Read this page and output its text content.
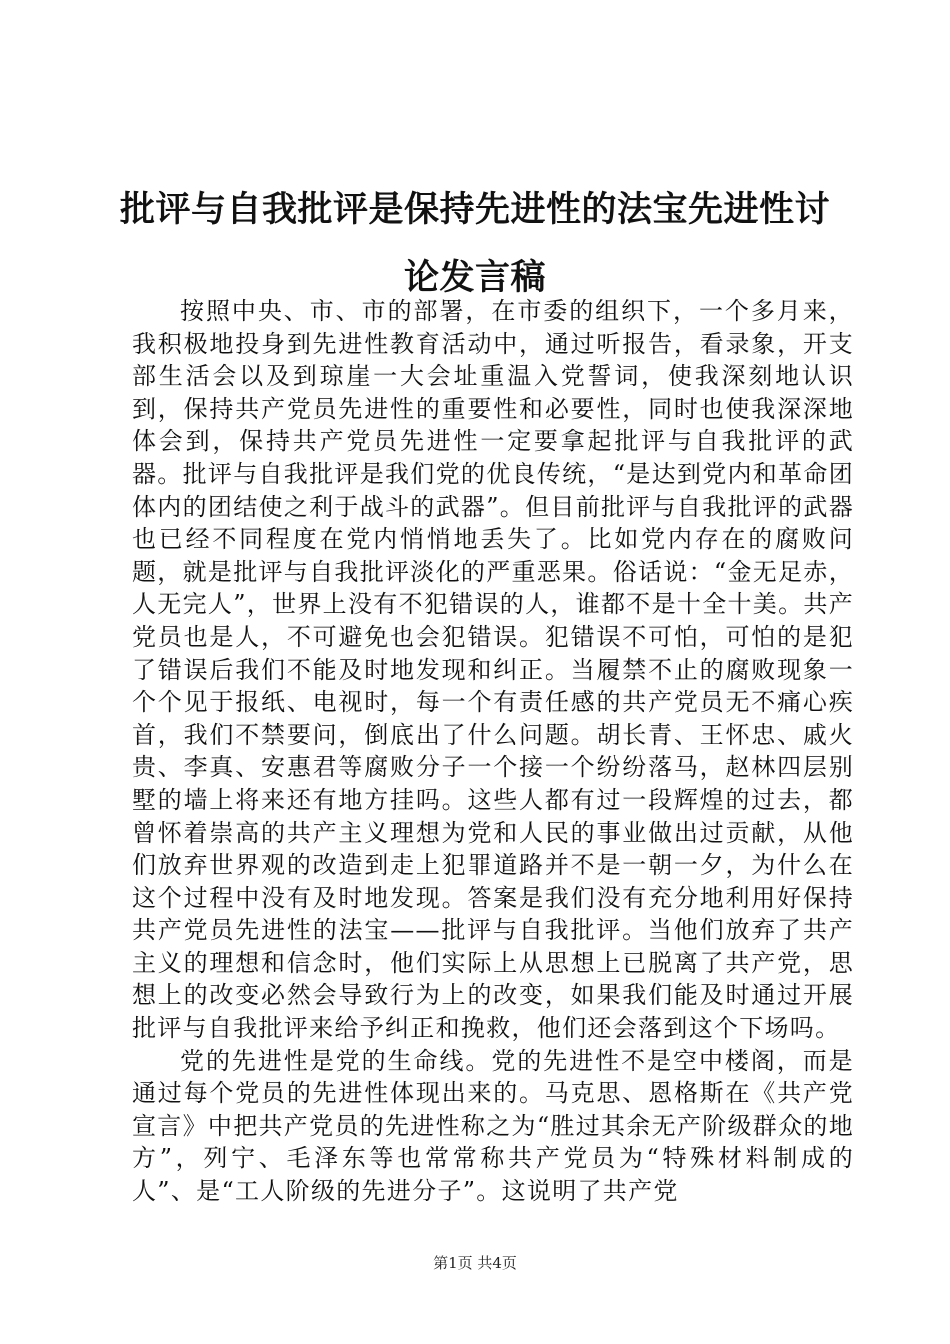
批评与自我批评是保持先进性的法宝先进性讨
论发言稿

按照中央、市、市的部署，在市委的组织下，一个多月来，我积极地投身到先进性教育活动中，通过听报告，看录象，开支部生活会以及到琼崖一大会址重温入党誓词，使我深刻地认识到，保持共产党员先进性的重要性和必要性，同时也使我深深地体会到，保持共产党员先进性一定要拿起批评与自我批评的武器。批评与自我批评是我们党的优良传统，“是达到党内和革命团体内的团结使之利于战斗的武器”。但目前批评与自我批评的武器也已经不同程度在党内悄悄地丢失了。比如党内存在的腐败问题，就是批评与自我批评淡化的严重恶果。俗话说：“金无足赤，人无完人”，世界上没有不犯错误的人，谁都不是十全十美。共产党员也是人，不可避免也会犯错误。犯错误不可怕，可怕的是犯了错误后我们不能及时地发现和纠正。当履禁不止的腐败现象一个个见于报纸、电视时，每一个有责任感的共产党员无不痛心疾首，我们不禁要问，倒底出了什么问题。胡长青、王怀忠、戚火贵、李真、安惠君等腐败分子一个接一个纷纷落马，赵林四层别墅的墙上将来还有地方挂吗。这些人都有过一段辉煌的过去，都曾怀着崇高的共产主义理想为党和人民的事业做出过贡献，从他们放弃世界观的改造到走上犯罪道路并不是一朝一夕，为什么在这个过程中没有及时地发现。答案是我们没有充分地利用好保持共产党员先进性的法宝——批评与自我批评。当他们放弃了共产主义的理想和信念时，他们实际上从思想上已脱离了共产党，思想上的改变必然会导致行为上的改变，如果我们能及时通过开展批评与自我批评来给予纠正和挽救，他们还会落到这个下场吗。

党的先进性是党的生命线。党的先进性不是空中楼阁，而是通过每个党员的先进性体现出来的。马克思、恩格斯在《共产党宣言》中把共产党员的先进性称之为“胜过其余无产阶级群众的地方”，列宁、毛泽东等也常常称共产党员为“特殊材料制成的人”、是“工人阶级的先进分子”。这说明了共产党

第1页 共4页
